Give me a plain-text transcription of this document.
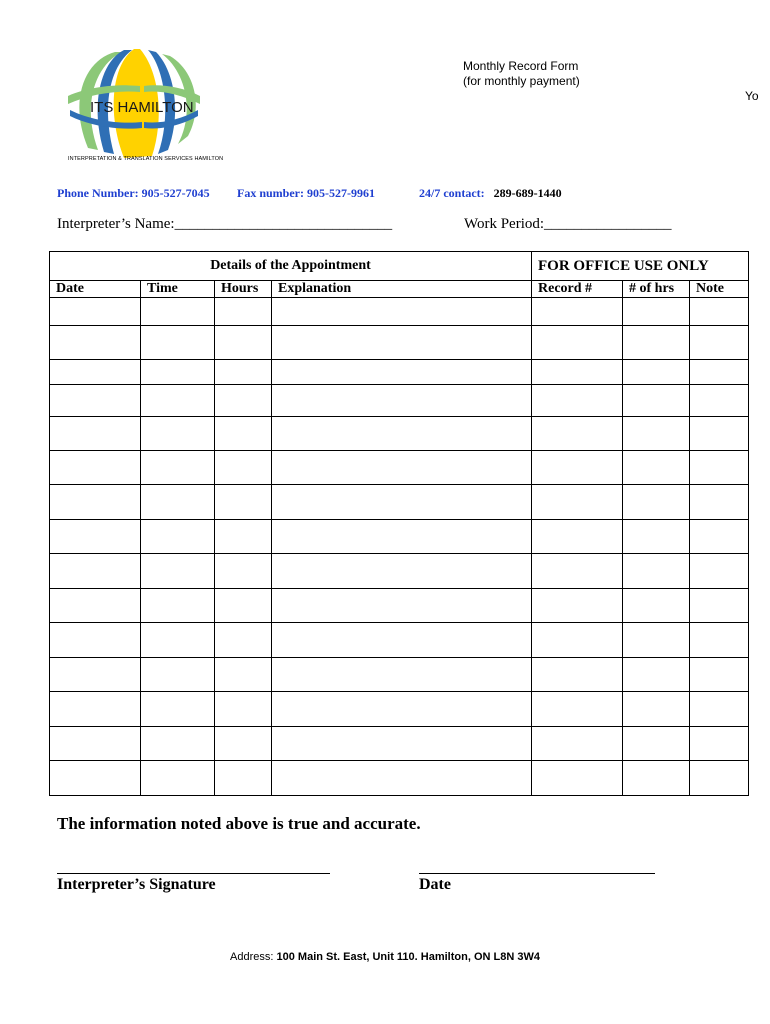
ITS HAMILTON
INTERPRETATION & TRANSLATION SERVICES HAMILTON
Monthly Record Form
(for monthly payment)
Yo
Phone Number: 905-527-7045 Fax number: 905-527-9961	24/7 contact: 289-689-1440
Interpreter’s Name:_____________________________	Work Period:_________________
Details of the Appointment				FOR OFFICE USE ONLY		
Date	Time	Hours	Explanation	Record #	# of hrs	Note

The information noted above is true and accurate.
Interpreter’s Signature	Date
Address: 100 Main St. East, Unit 110. Hamilton, ON L8N 3W4
